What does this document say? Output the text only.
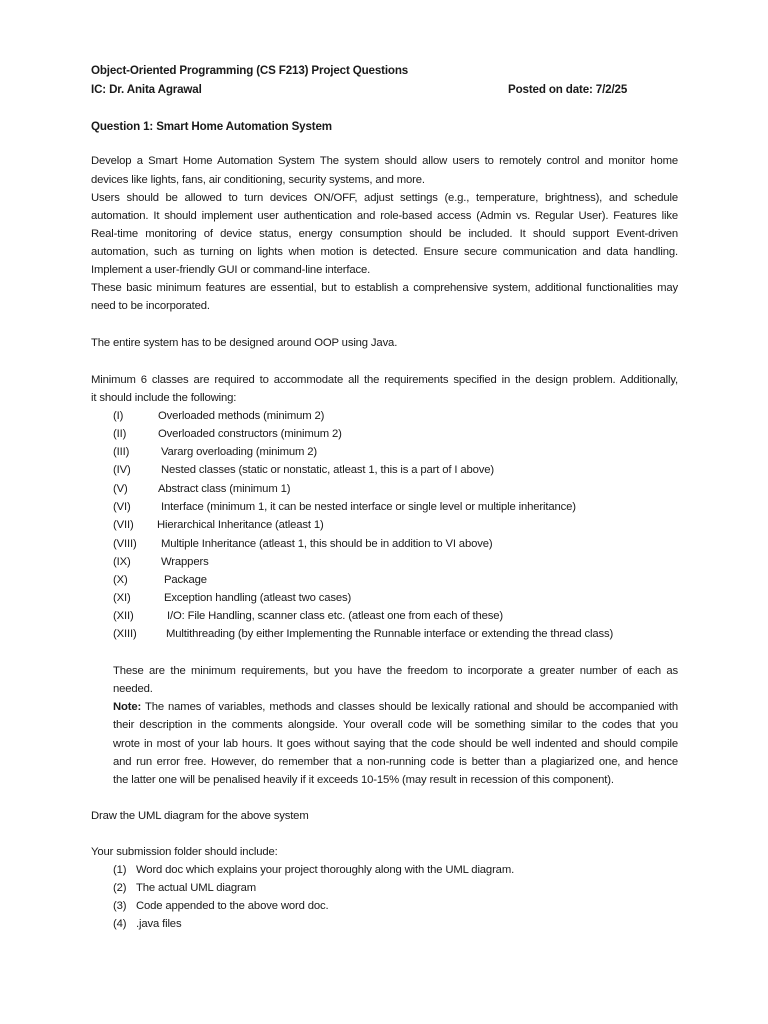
Object-Oriented Programming (CS F213) Project Questions
IC: Dr. Anita Agrawal	Posted on date: 7/2/25
Question 1: Smart Home Automation System
Develop a Smart Home Automation System The system should allow users to remotely control and monitor home
devices like lights, fans, air conditioning, security systems, and more.
Users should be allowed to turn devices ON/OFF, adjust settings (e.g., temperature, brightness), and schedule
automation. It should implement user authentication and role-based access (Admin vs. Regular User). Features like
Real-time monitoring of device status, energy consumption should be included. It should support Event-driven
automation, such as turning on lights when motion is detected. Ensure secure communication and data handling.
Implement a user-friendly GUI or command-line interface.
These basic minimum features are essential, but to establish a comprehensive system, additional functionalities may
need to be incorporated.
The entire system has to be designed around OOP using Java.
Minimum 6 classes are required to accommodate all the requirements specified in the design problem. Additionally,
it should include the following:
(I)	Overloaded methods (minimum 2)
(II)	Overloaded constructors (minimum 2)
(III)	Vararg overloading (minimum 2)
(IV)	Nested classes (static or nonstatic, atleast 1, this is a part of I above)
(V)	Abstract class (minimum 1)
(VI)	Interface (minimum 1, it can be nested interface or single level or multiple inheritance)
(VII) Hierarchical Inheritance (atleast 1)
(VIII) Multiple Inheritance (atleast 1, this should be in addition to VI above)
(IX)	Wrappers
(X)	Package
(XI)	Exception handling (atleast two cases)
(XII)	I/O: File Handling, scanner class etc. (atleast one from each of these)
(XIII)	Multithreading (by either Implementing the Runnable interface or extending the thread class)
These are the minimum requirements, but you have the freedom to incorporate a greater number of each as
needed.
Note: The names of variables, methods and classes should be lexically rational and should be accompanied with
their description in the comments alongside. Your overall code will be something similar to the codes that you
wrote in most of your lab hours. It goes without saying that the code should be well indented and should compile
and run error free. However, do remember that a non-running code is better than a plagiarized one, and hence
the latter one will be penalised heavily if it exceeds 10-15% (may result in recession of this component).
Draw the UML diagram for the above system
Your submission folder should include:
(1) Word doc which explains your project thoroughly along with the UML diagram.
(2) The actual UML diagram
(3) Code appended to the above word doc.
(4) .java files
